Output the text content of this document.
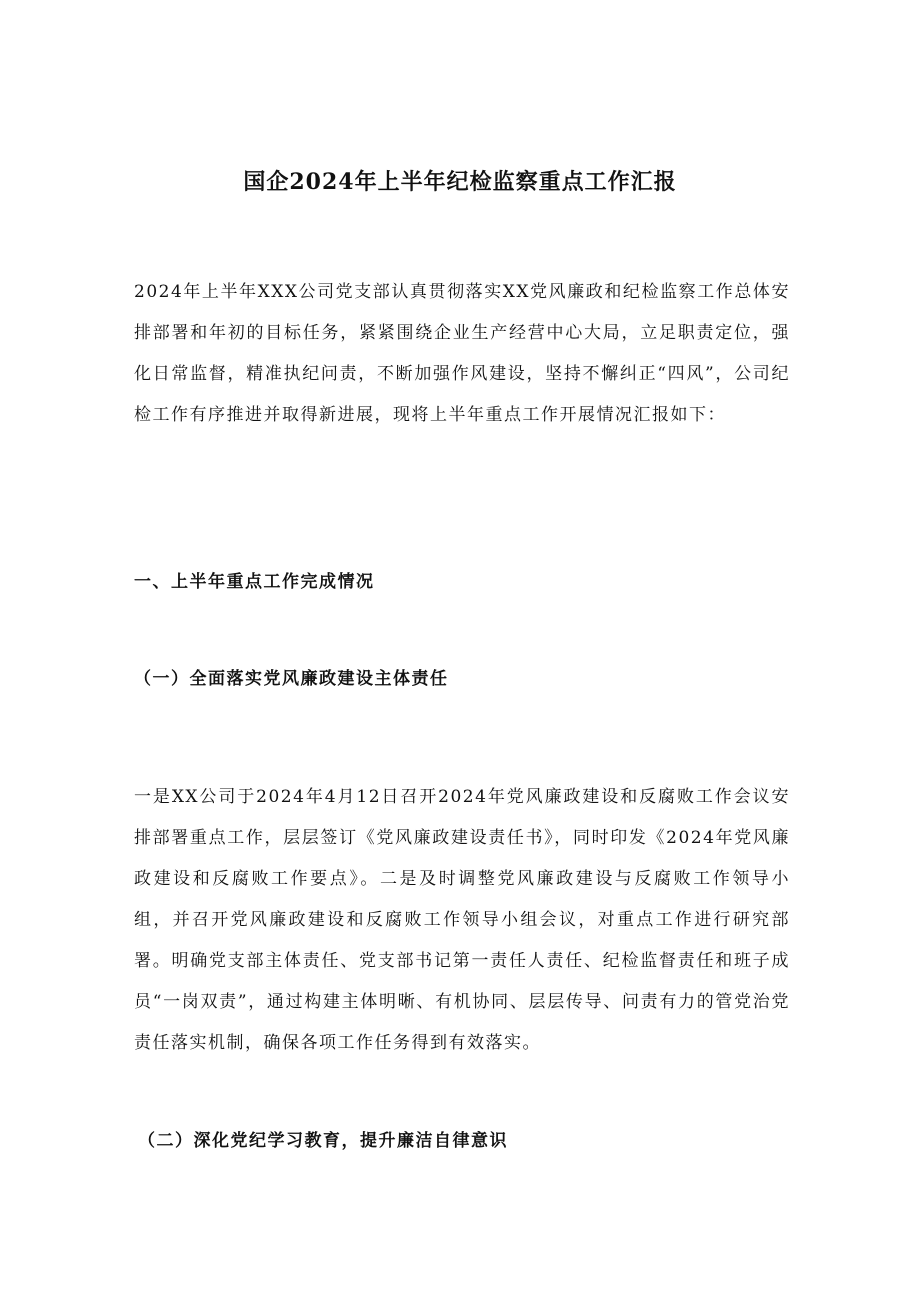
国企2024年上半年纪检监察重点工作汇报

2024年上半年XXX公司党支部认真贯彻落实XX党风廉政和纪检监察工作总体安排部署和年初的目标任务，紧紧围绕企业生产经营中心大局，立足职责定位，强化日常监督，精准执纪问责，不断加强作风建设，坚持不懈纠正“四风”，公司纪检工作有序推进并取得新进展，现将上半年重点工作开展情况汇报如下：

一、上半年重点工作完成情况
（一）全面落实党风廉政建设主体责任

一是XX公司于2024年4月12日召开2024年党风廉政建设和反腐败工作会议安排部署重点工作，层层签订《党风廉政建设责任书》，同时印发《2024年党风廉政建设和反腐败工作要点》。二是及时调整党风廉政建设与反腐败工作领导小组，并召开党风廉政建设和反腐败工作领导小组会议，对重点工作进行研究部署。明确党支部主体责任、党支部书记第一责任人责任、纪检监督责任和班子成员“一岗双责”，通过构建主体明晰、有机协同、层层传导、问责有力的管党治党责任落实机制，确保各项工作任务得到有效落实。

（二）深化党纪学习教育，提升廉洁自律意识
